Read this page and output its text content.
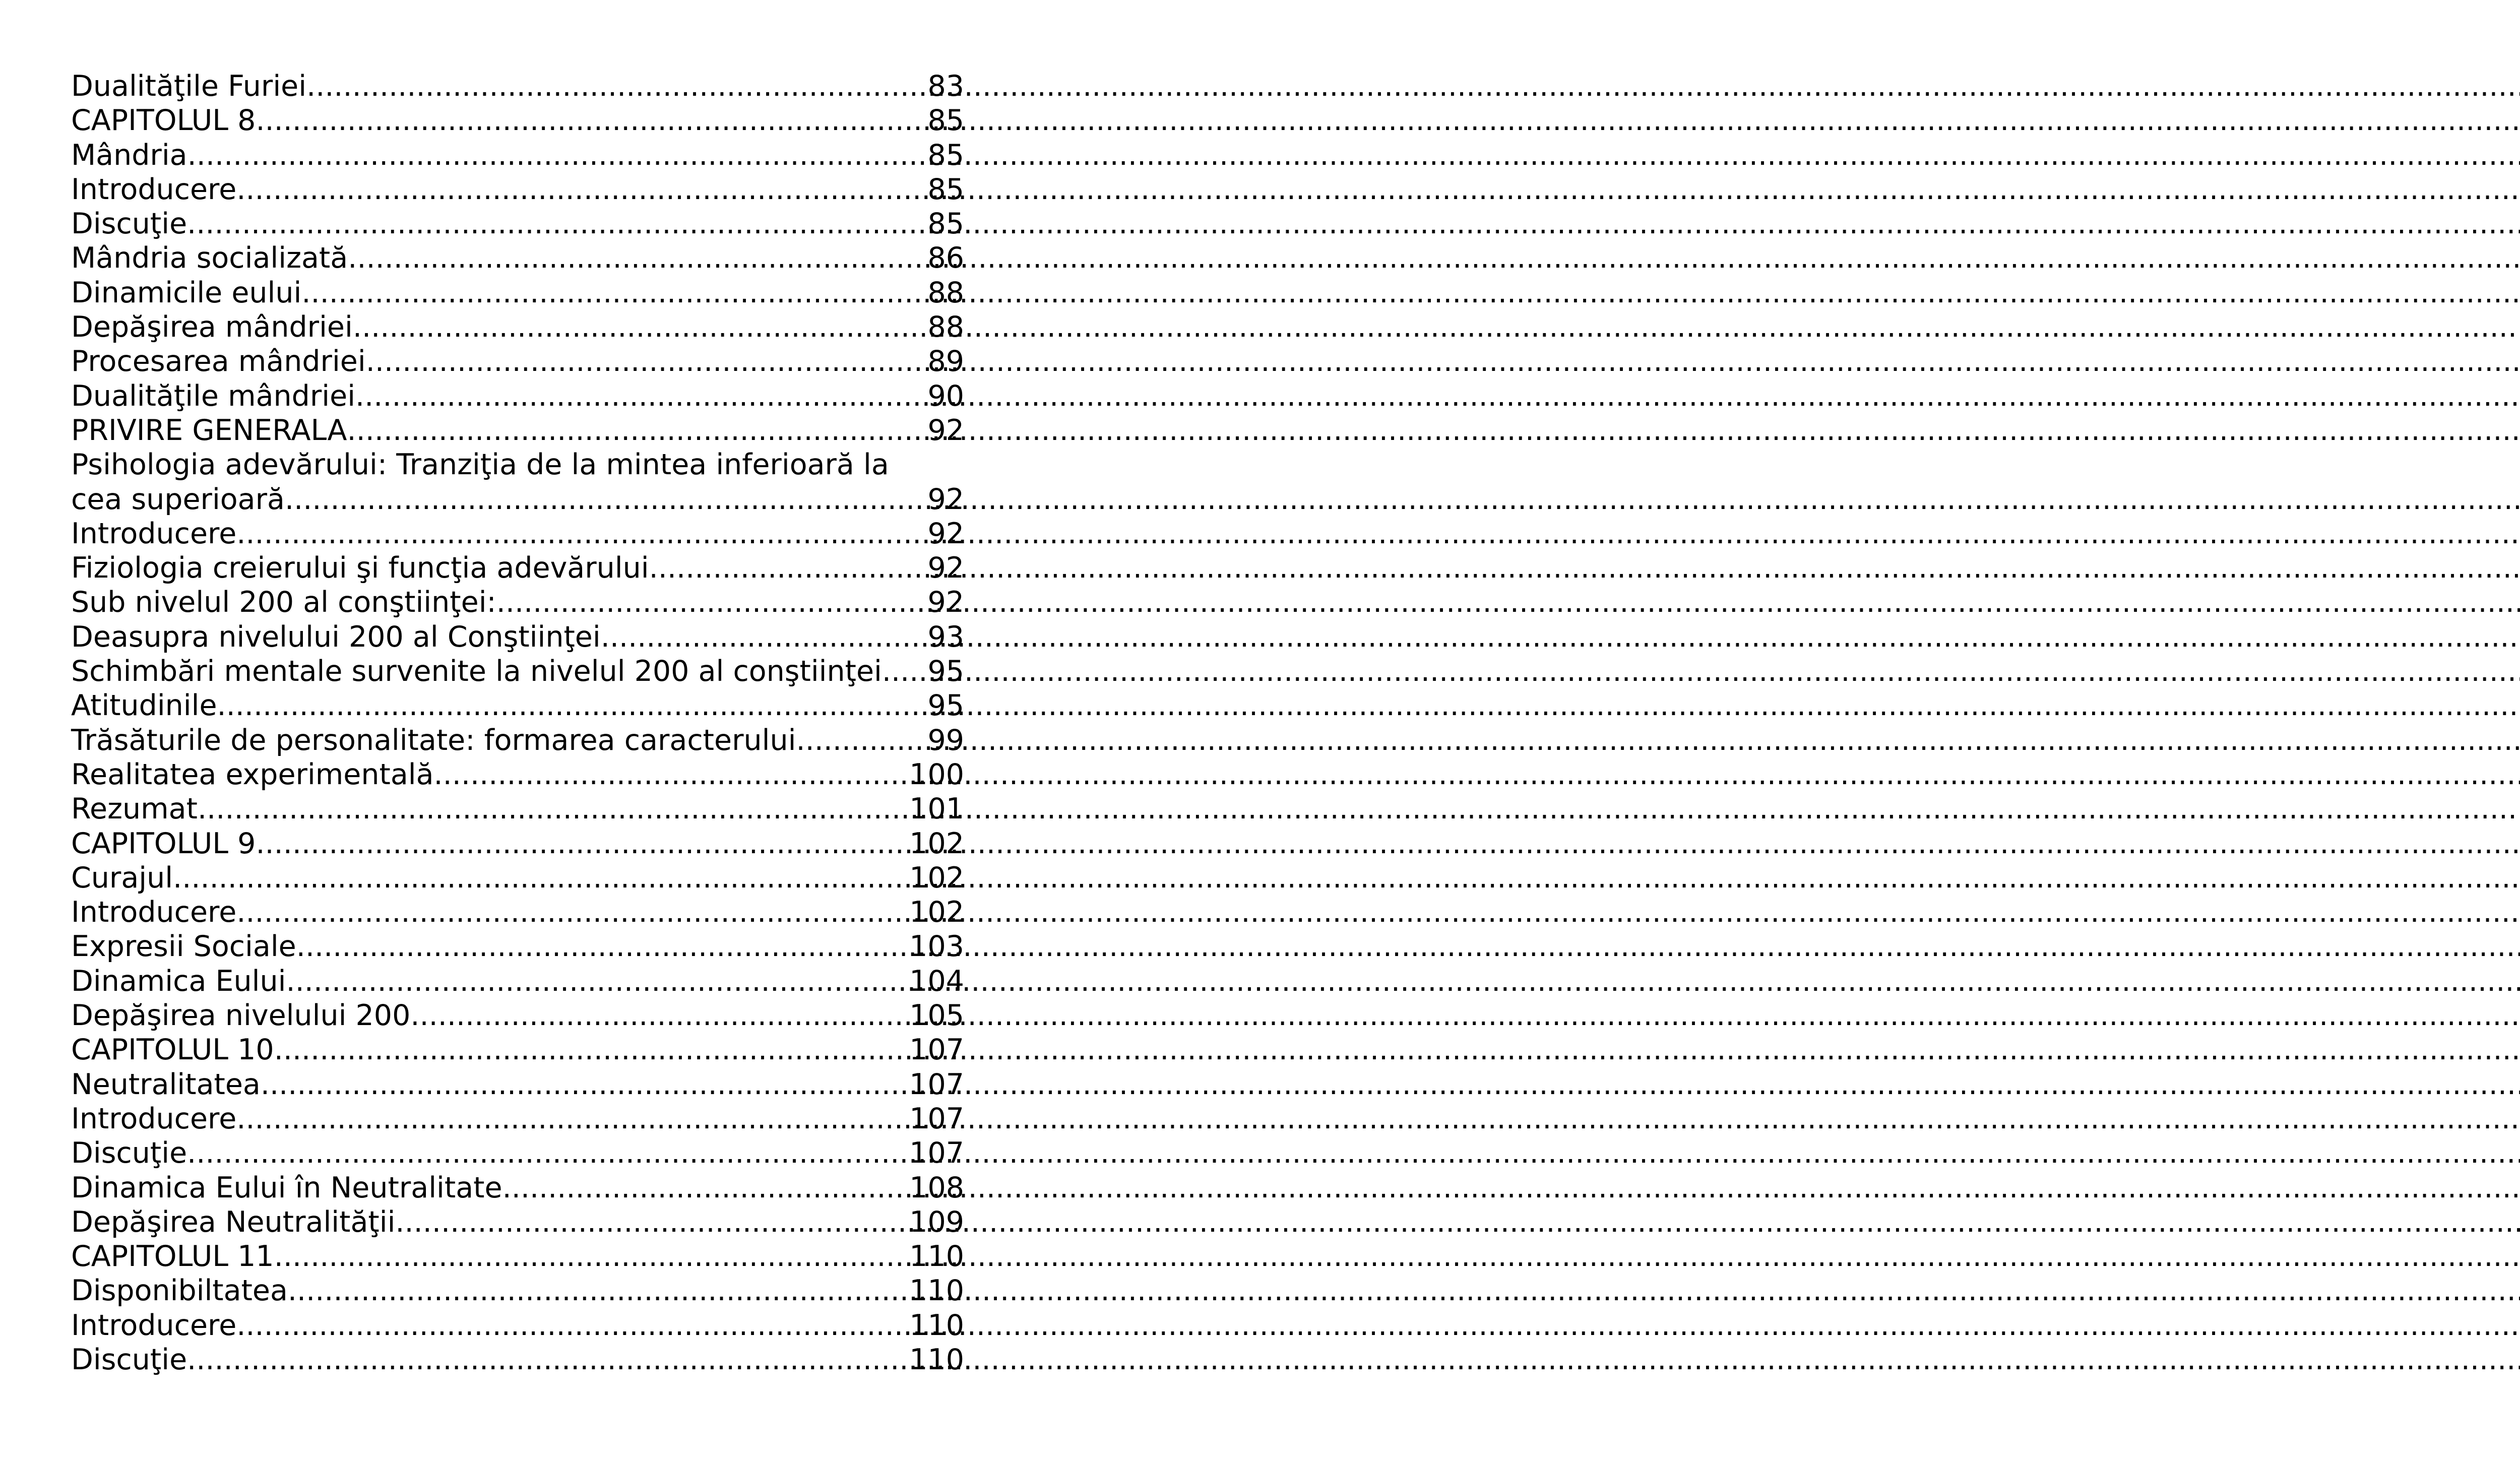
Dualităţile Furiei .....	83
CAPITOLUL 8 .....	85
Mândria .....	85
Introducere .....	85
Discuţie .....	85
Mândria socializată .....	86
Dinamicile eului .....	88
Depăşirea mândriei .....	88
Procesarea mândriei .....	89
Dualităţile mândriei .....	90
PRIVIRE GENERALA .....	92
Psihologia adevărului: Tranziţia de la mintea inferioară la
cea superioară .....	92
Introducere .....	92
Fiziologia creierului şi funcţia adevărului .....	92
Sub nivelul 200 al conştiinţei: .....	92
Deasupra nivelului 200 al Conştiinţei .....	93
Schimbări mentale survenite la nivelul 200 al conştiinţei. ..... 95
Atitudinile .....	95
Trăsăturile de personalitate: formarea caracterului .....	99
Realitatea experimentală .....	100
Rezumat .....	101
CAPITOLUL 9 .....	102
Curajul .....	102
Introducere .....	102
Expresii Sociale .....	103
Dinamica Eului .....	104
Depăşirea nivelului 200 .....	105
CAPITOLUL 10 .....	107
Neutralitatea .....	107
Introducere .....	107
Discuţie .....	107
Dinamica Eului în Neutralitate .....	108
Depăşirea Neutralităţii .....	109
CAPITOLUL 11 .....	110
Disponibiltatea .....	110
Introducere .....	110
Discuţie .....	110
